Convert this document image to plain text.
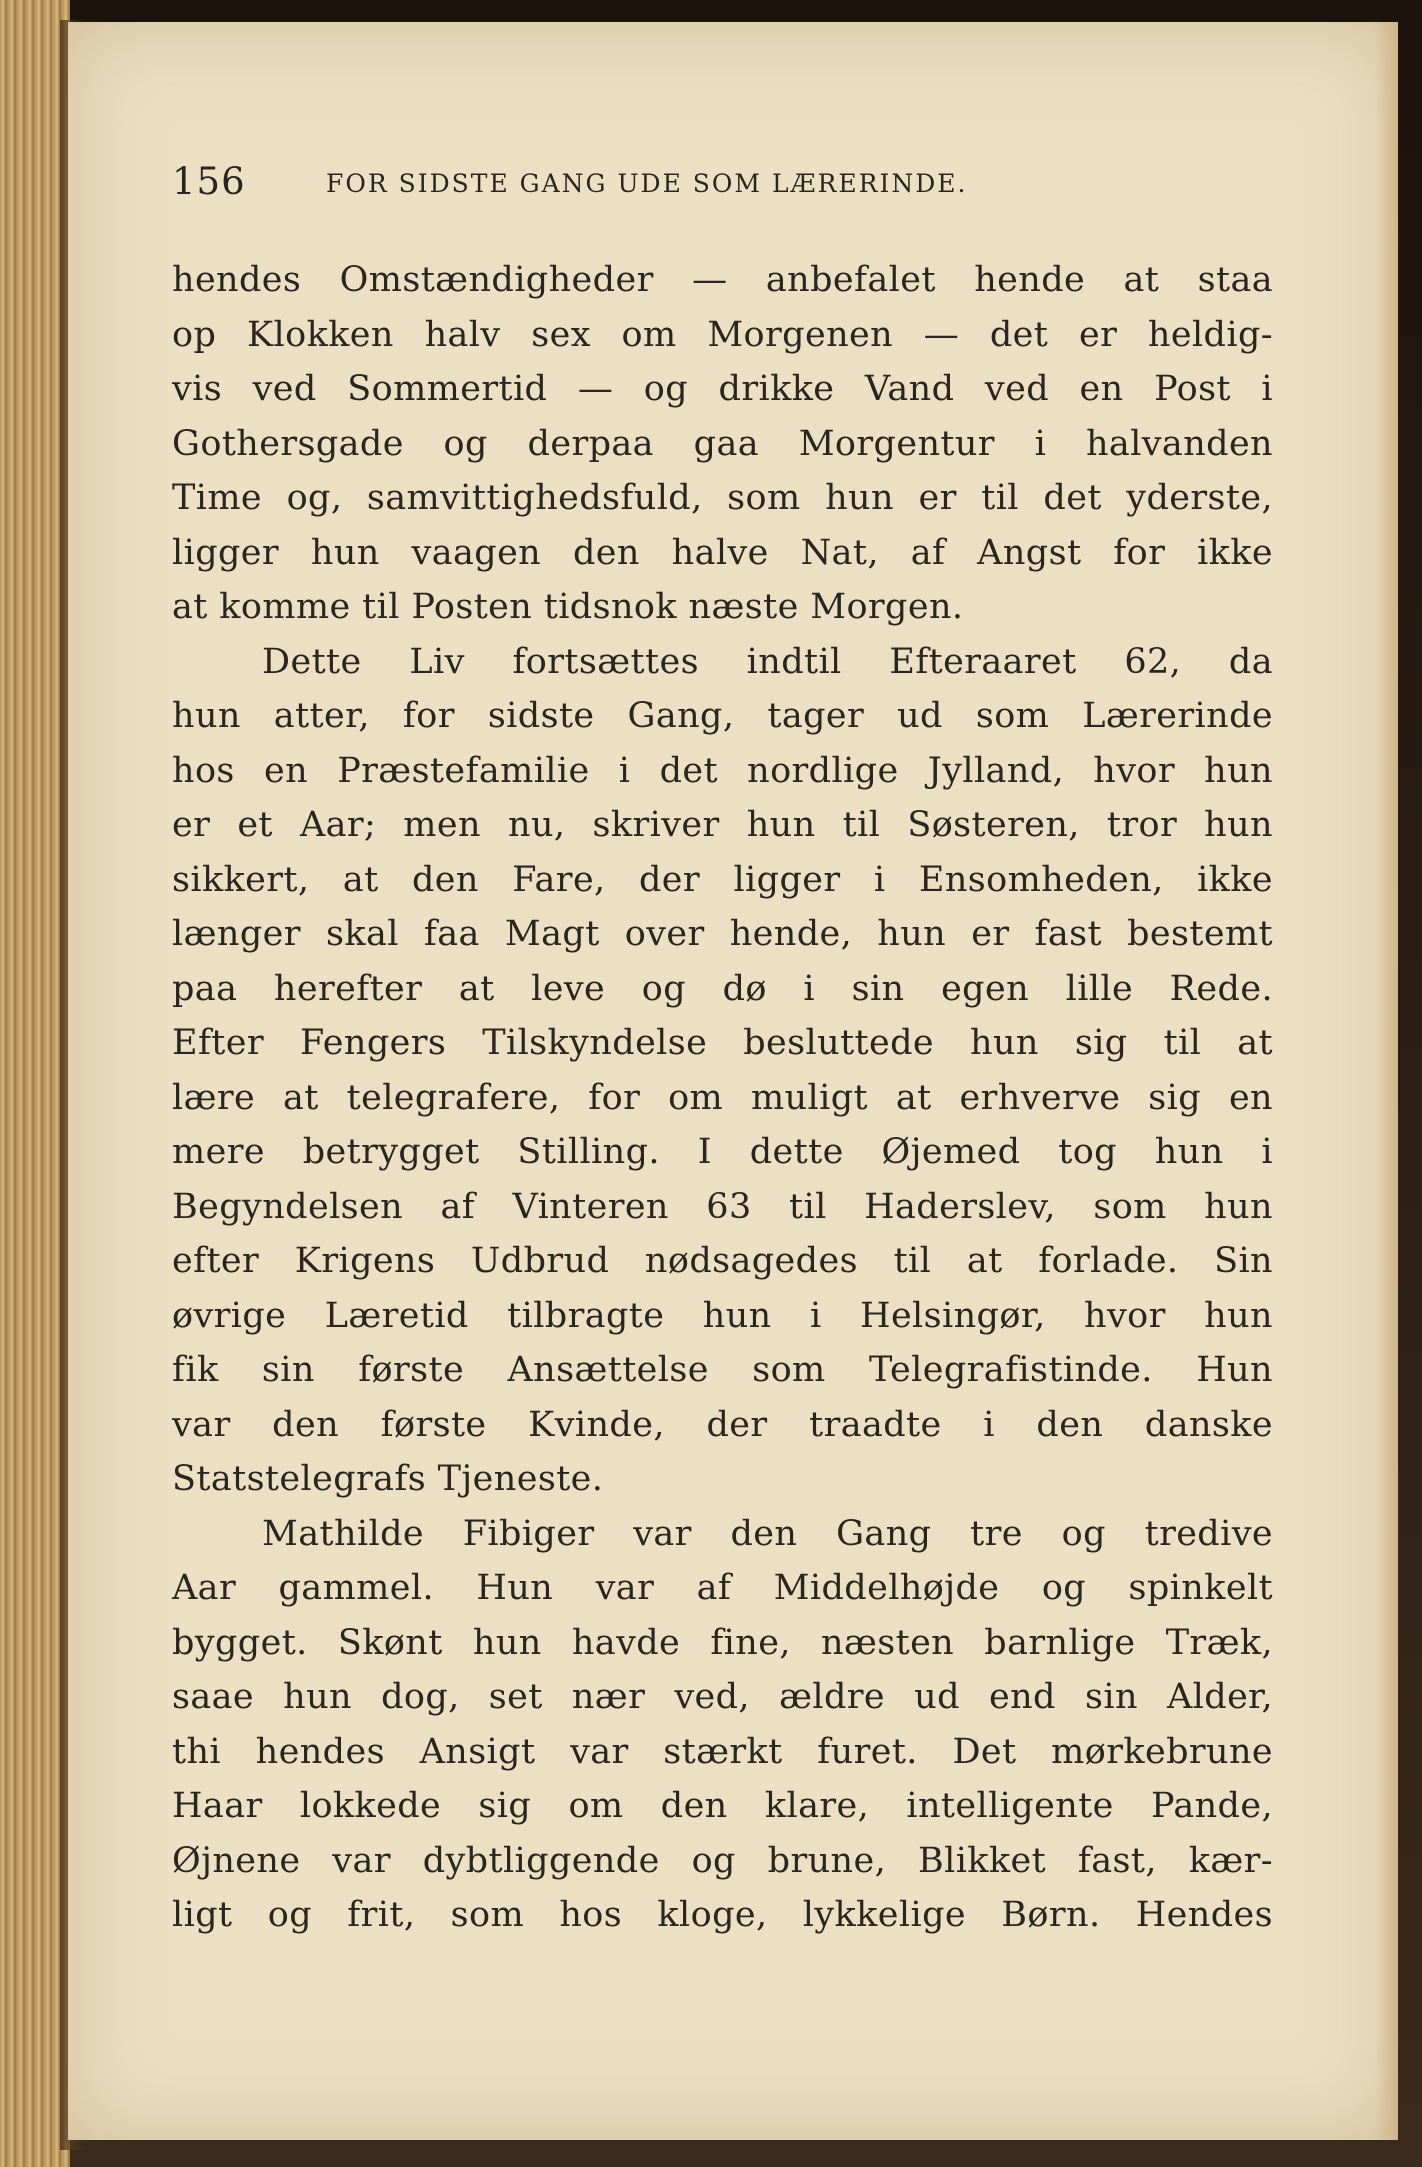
156	FOR SIDSTE GANG UDE SOM LÆRERINDE.
hendes Omstændigheder — anbefalet hende at staa
op Klokken halv sex om Morgenen — det er heldig-
vis ved Sommertid — og drikke Vand ved en Post i
Gothersgade og derpaa gaa Morgentur i halvanden
Time og, samvittighedsfuld, som hun er til det yderste,
ligger hun vaagen den halve Nat, af Angst for ikke
at komme til Posten tidsnok næste Morgen.
Dette Liv fortsættes indtil Efteraaret 62, da
hun atter, for sidste Gang, tager ud som Lærerinde
hos en Præstefamilie i det nordlige Jylland, hvor hun
er et Aar; men nu, skriver hun til Søsteren, tror hun
sikkert, at den Fare, der ligger i Ensomheden, ikke
længer skal faa Magt over hende, hun er fast bestemt
paa herefter at leve og dø i sin egen lille Rede.
Efter Fengers Tilskyndelse besluttede hun sig til at
lære at telegrafere, for om muligt at erhverve sig en
mere betrygget Stilling. I dette Øjemed tog hun i
Begyndelsen af Vinteren 63 til Haderslev, som hun
efter Krigens Udbrud nødsagedes til at forlade. Sin
øvrige Læretid tilbragte hun i Helsingør, hvor hun
fik sin første Ansættelse som Telegrafistinde. Hun
var den første Kvinde, der traadte i den danske
Statstelegrafs Tjeneste.
Mathilde Fibiger var den Gang tre og tredive
Aar gammel. Hun var af Middelhøjde og spinkelt
bygget. Skønt hun havde fine, næsten barnlige Træk,
saae hun dog, set nær ved, ældre ud end sin Alder,
thi hendes Ansigt var stærkt furet. Det mørkebrune
Haar lokkede sig om den klare, intelligente Pande,
Øjnene var dybtliggende og brune, Blikket fast, kær-
ligt og frit, som hos kloge, lykkelige Børn. Hendes
